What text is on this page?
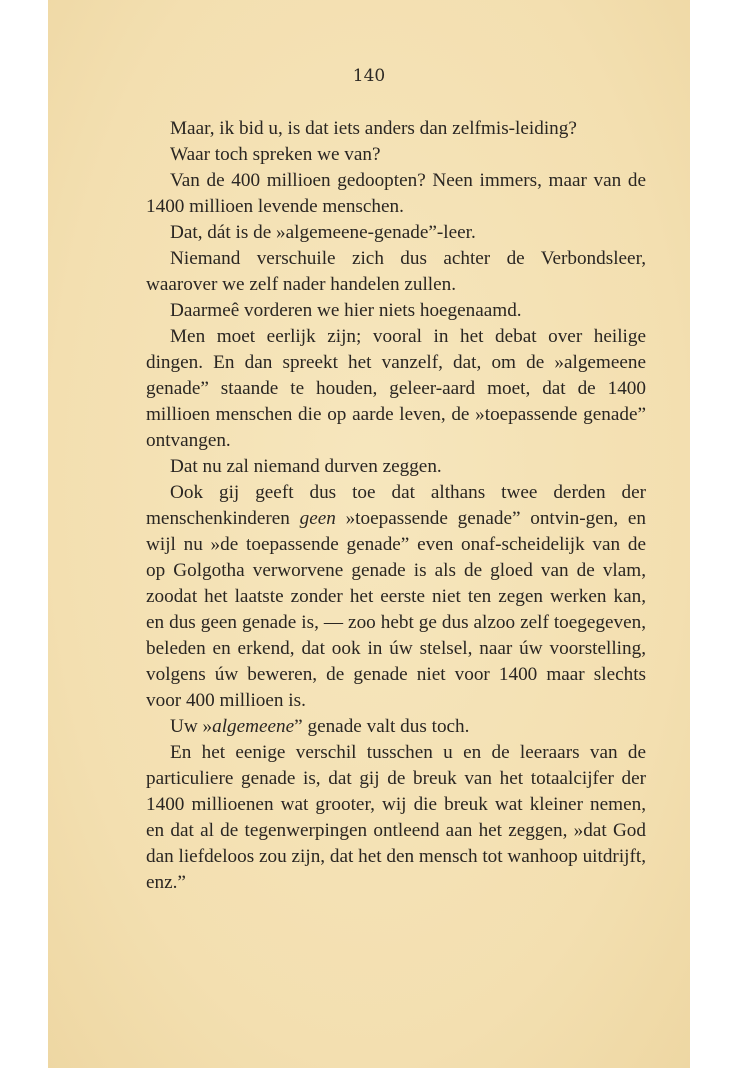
140

Maar, ik bid u, is dat iets anders dan zelfmis-leiding?

Waar toch spreken we van?

Van de 400 millioen gedoopten? Neen immers, maar van de 1400 millioen levende menschen.

Dat, dát is de »algemeene-genade”-leer.

Niemand verschuile zich dus achter de Verbondsleer, waarover we zelf nader handelen zullen.

Daarmeê vorderen we hier niets hoegenaamd.

Men moet eerlijk zijn; vooral in het debat over heilige dingen. En dan spreekt het vanzelf, dat, om de »algemeene genade” staande te houden, geleer-aard moet, dat de 1400 millioen menschen die op aarde leven, de »toepassende genade” ontvangen.

Dat nu zal niemand durven zeggen.

Ook gij geeft dus toe dat althans twee derden der menschenkinderen geen »toepassende genade” ontvin-gen, en wijl nu »de toepassende genade” even onaf-scheidelijk van de op Golgotha verworvene genade is als de gloed van de vlam, zoodat het laatste zonder het eerste niet ten zegen werken kan, en dus geen genade is, — zoo hebt ge dus alzoo zelf toegegeven, beleden en erkend, dat ook in úw stelsel, naar úw voorstelling, volgens úw beweren, de genade niet voor 1400 maar slechts voor 400 millioen is.

Uw »algemeene” genade valt dus toch.

En het eenige verschil tusschen u en de leeraars van de particuliere genade is, dat gij de breuk van het totaalcijfer der 1400 millioenen wat grooter, wij die breuk wat kleiner nemen, en dat al de tegenwerpingen ontleend aan het zeggen, »dat God dan liefdeloos zou zijn, dat het den mensch tot wanhoop uitdrijft, enz.”
